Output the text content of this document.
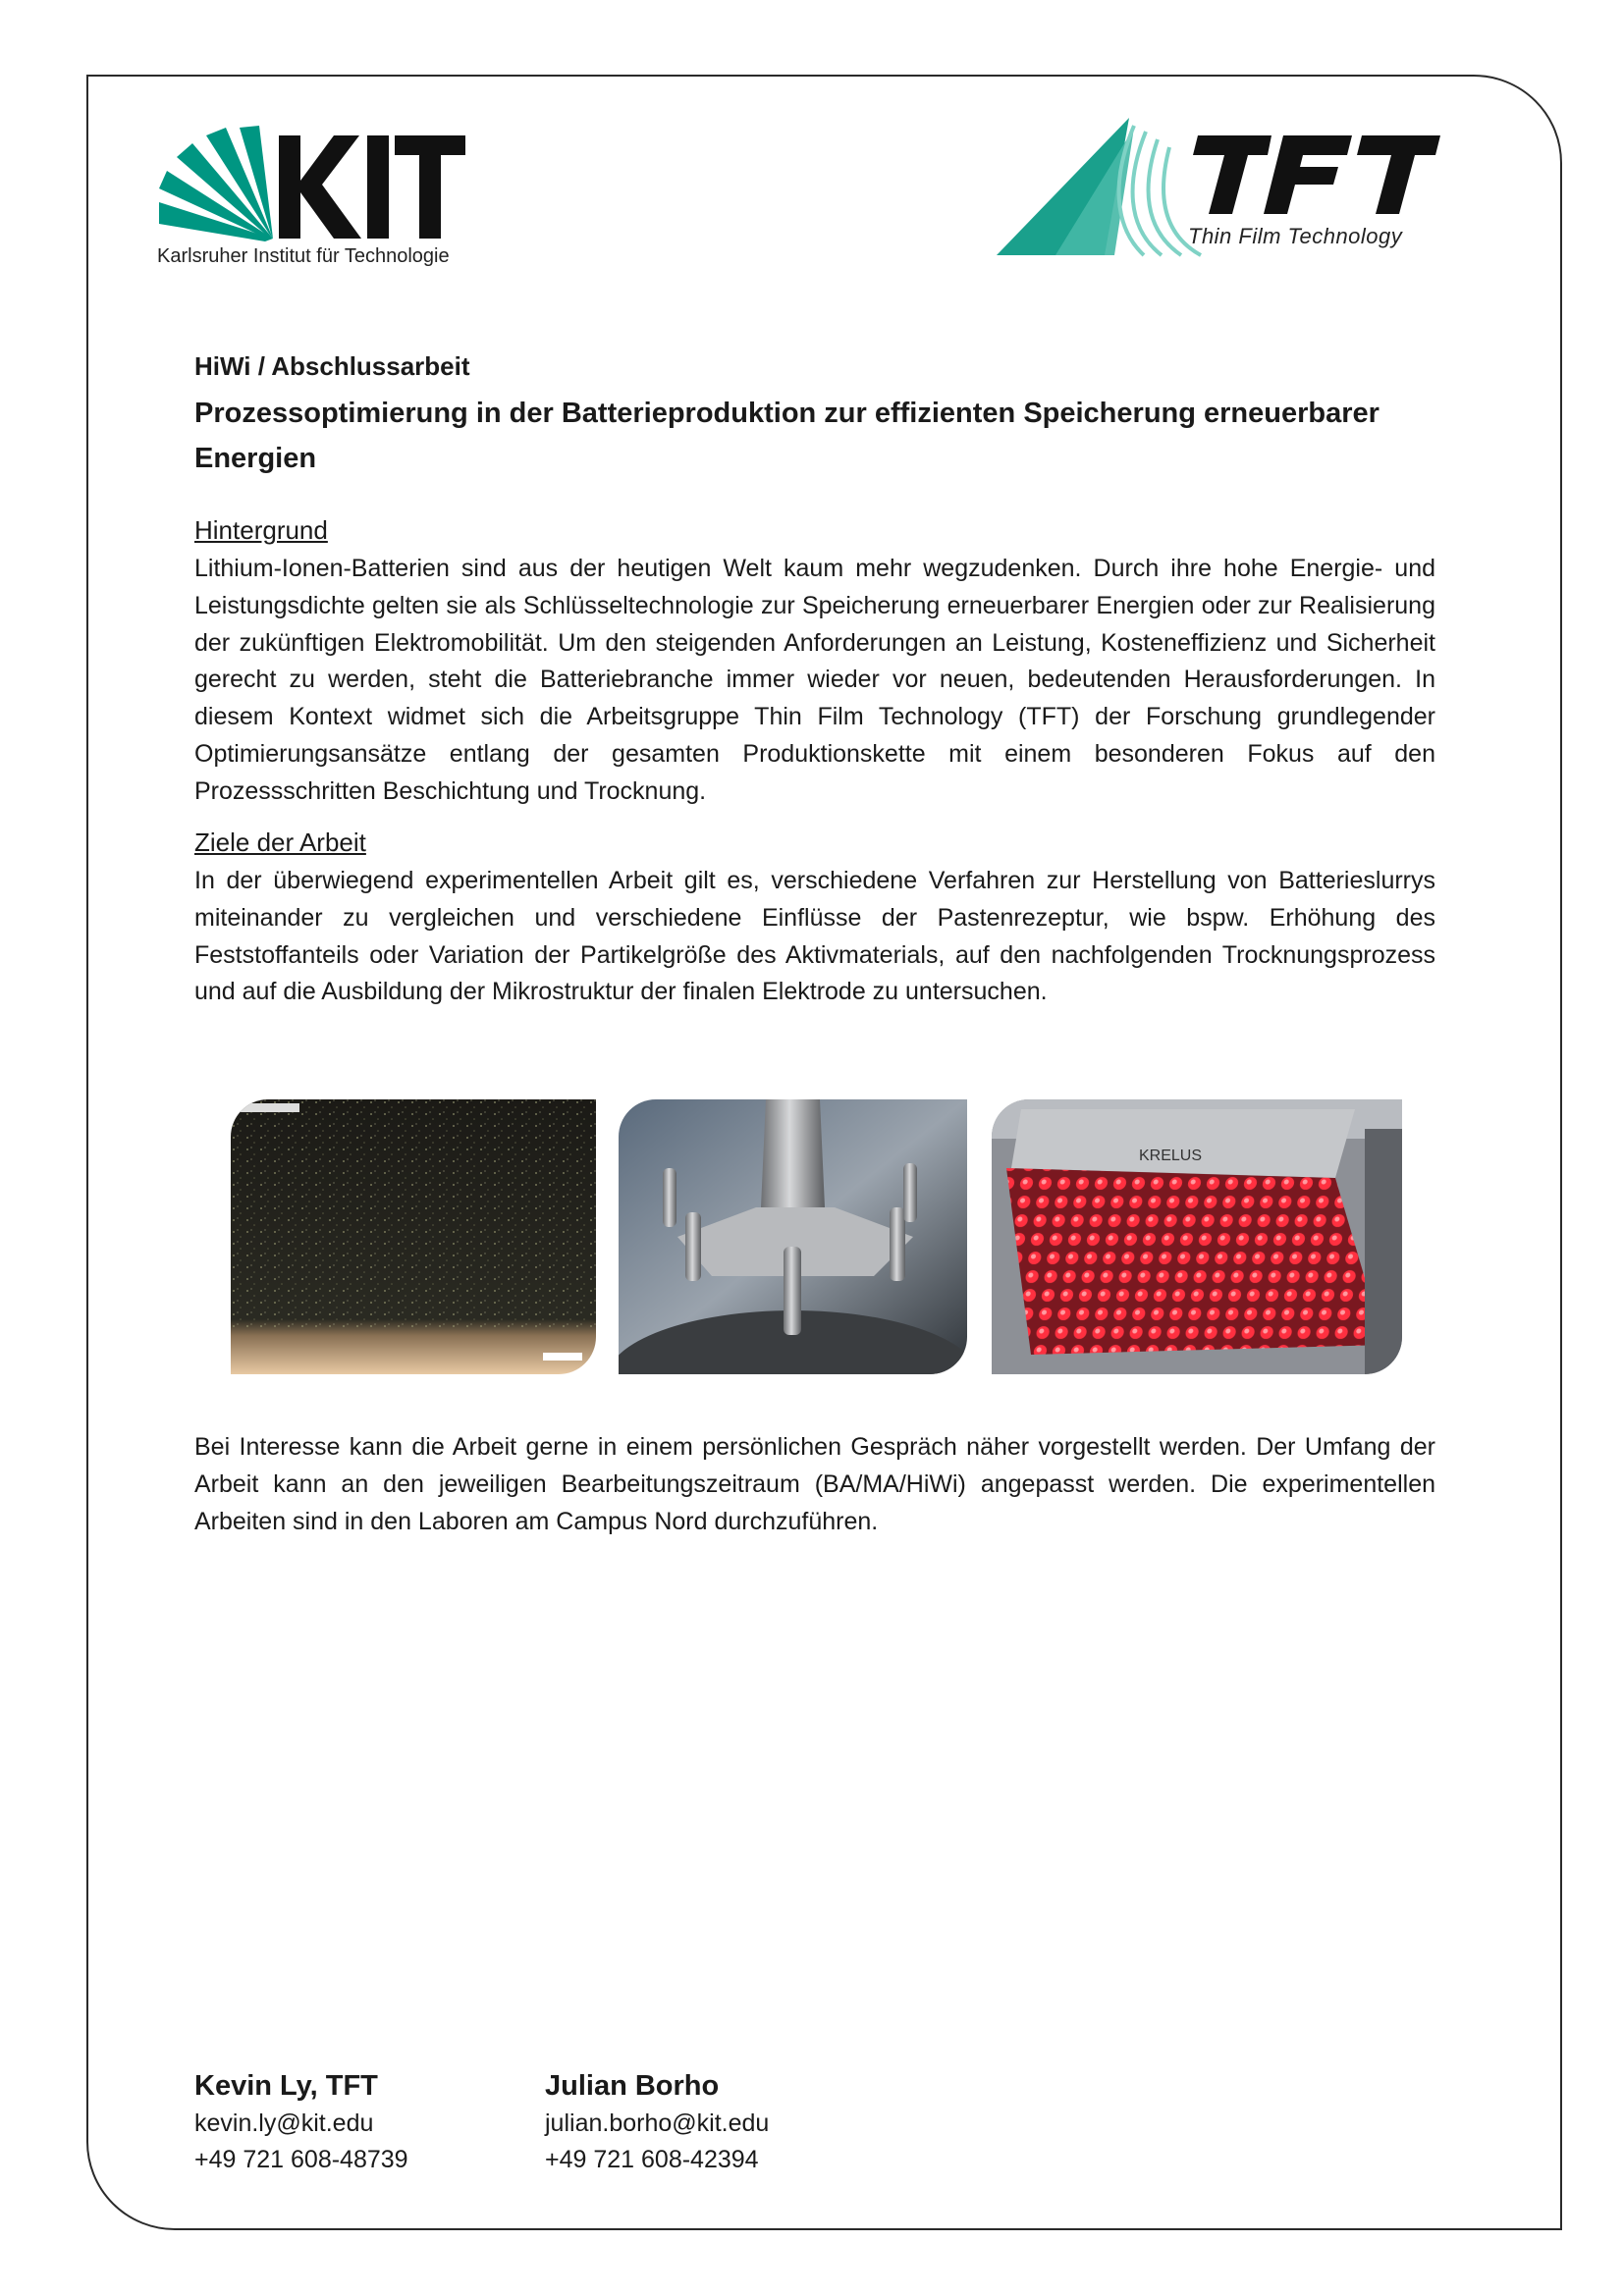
Karlsruher Institut für Technologie
Thin Film Technology
HiWi / Abschlussarbeit
Prozessoptimierung in der Batterieproduktion zur effizienten Speicherung erneuerbarer Energien
Hintergrund

Lithium-Ionen-Batterien sind aus der heutigen Welt kaum mehr wegzudenken. Durch ihre hohe Energie- und Leistungsdichte gelten sie als Schlüsseltechnologie zur Speicherung erneuerbarer Energien oder zur Realisierung der zukünftigen Elektromobilität. Um den steigenden Anforderungen an Leistung, Kosteneffizienz und Sicherheit gerecht zu werden, steht die Batteriebranche immer wieder vor neuen, bedeutenden Herausforderungen. In diesem Kontext widmet sich die Arbeitsgruppe Thin Film Technology (TFT) der Forschung grundlegender Optimierungsansätze entlang der gesamten Produktionskette mit einem besonderen Fokus auf den Prozessschritten Beschichtung und Trocknung.

Ziele der Arbeit

In der überwiegend experimentellen Arbeit gilt es, verschiedene Verfahren zur Herstellung von Batterieslurrys miteinander zu vergleichen und verschiedene Einflüsse der Pastenrezeptur, wie bspw. Erhöhung des Feststoffanteils oder Variation der Partikelgröße des Aktivmaterials, auf den nachfolgenden Trocknungsprozess und auf die Ausbildung der Mikrostruktur der finalen Elektrode zu untersuchen.

KRELUS

Bei Interesse kann die Arbeit gerne in einem persönlichen Gespräch näher vorgestellt werden. Der Umfang der Arbeit kann an den jeweiligen Bearbeitungszeitraum (BA/MA/HiWi) angepasst werden. Die experimentellen Arbeiten sind in den Laboren am Campus Nord durchzuführen.

Kevin Ly, TFT
kevin.ly@kit.edu
+49 721 608-48739
Julian Borho
julian.borho@kit.edu
+49 721 608-42394
